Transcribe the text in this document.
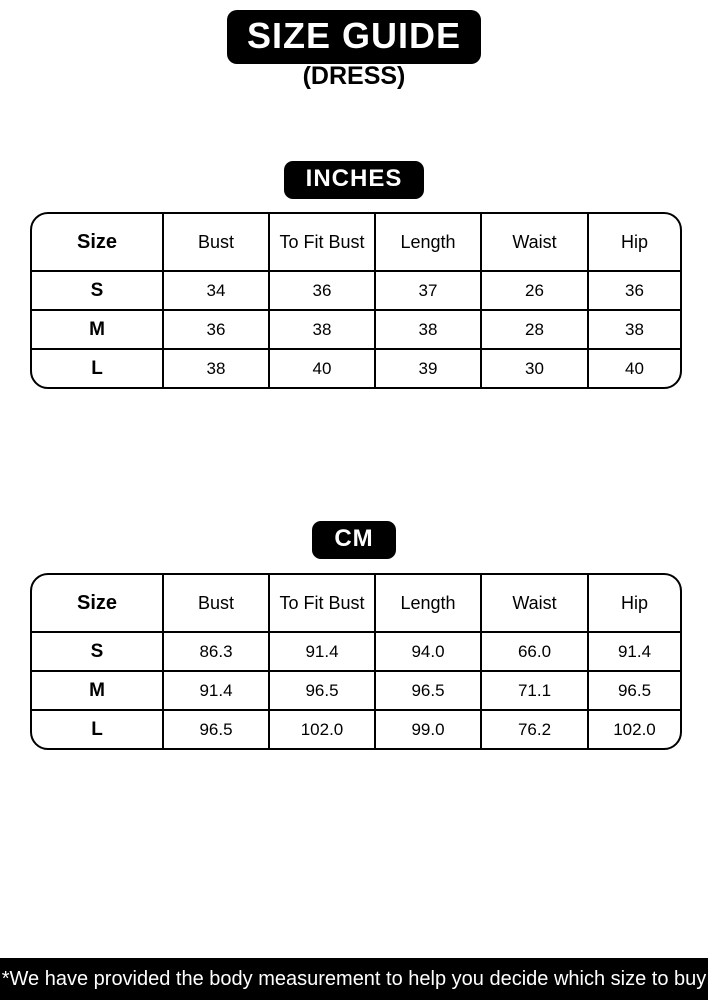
SIZE GUIDE
(DRESS)
INCHES
Size	Bust	To Fit Bust	Length	Waist	Hip
S	34	36	37	26	36
M	36	38	38	28	38
L	38	40	39	30	40
CM
Size	Bust	To Fit Bust	Length	Waist	Hip
S	86.3	91.4	94.0	66.0	91.4
M	91.4	96.5	96.5	71.1	96.5
L	96.5	102.0	99.0	76.2	102.0
*We have provided the body measurement to help you decide which size to buy
